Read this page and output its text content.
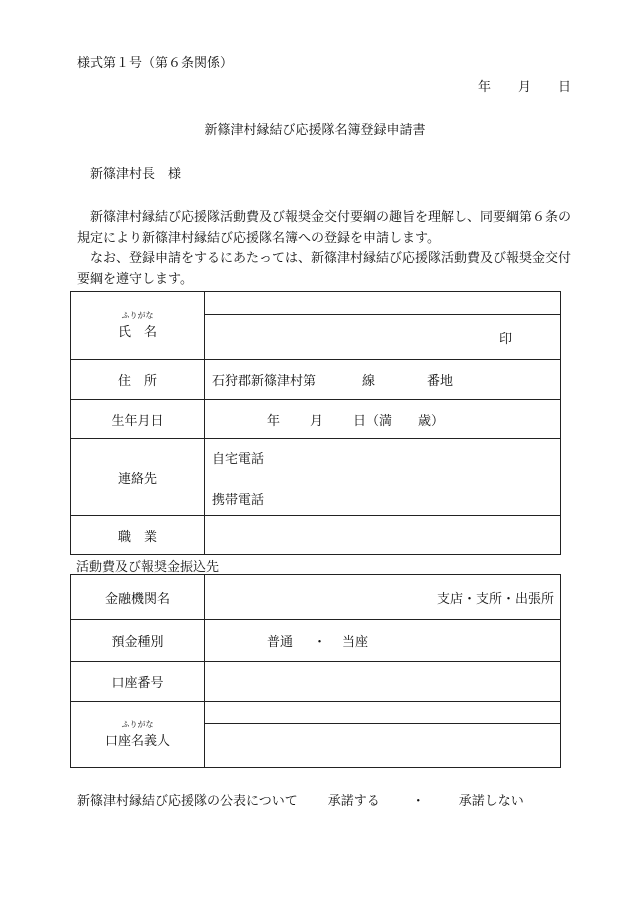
様式第１号（第６条関係）
年 月 日
新篠津村縁結び応援隊名簿登録申請書
新篠津村長　様
新篠津村縁結び応援隊活動費及び報奨金交付要綱の趣旨を理解し、同要綱第６条の規定により新篠津村縁結び応援隊名簿への登録を申請します。
なお、登録申請をするにあたっては、新篠津村縁結び応援隊活動費及び報奨金交付要綱を遵守します。
ふりがな
氏　名	

	印
住　所	石狩郡新篠津村第 線 番地
生年月日	年 月 日（満 歳）
連絡先	自宅電話
携帯電話

職　業	
活動費及び報奨金振込先
金融機関名	支店・支所・出張所
預金種別	普通 ・ 当座
口座番号	

ふりがな
口座名義人	

新篠津村縁結び応援隊の公表について 承諾する ・	承諾しない
